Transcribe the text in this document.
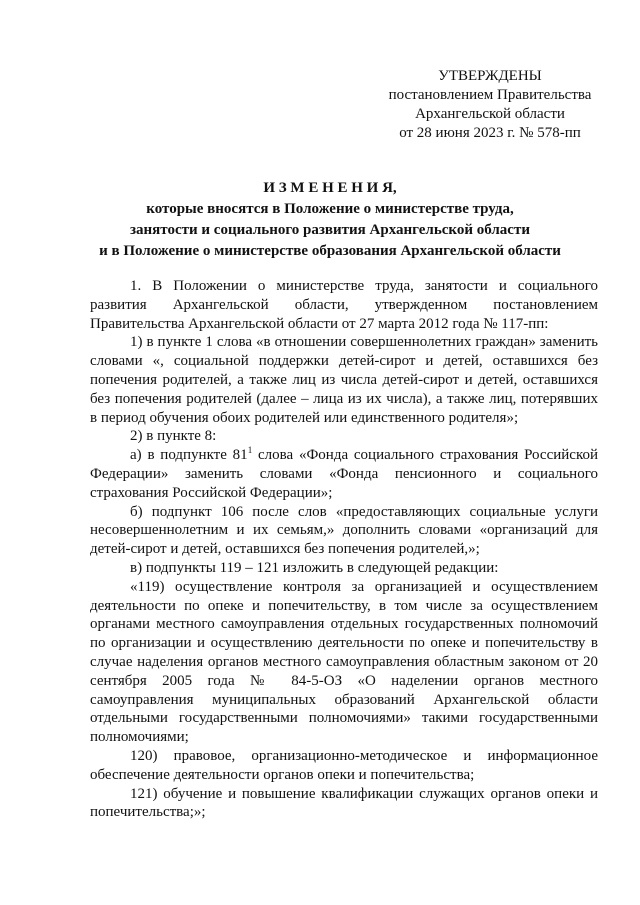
УТВЕРЖДЕНЫ
постановлением Правительства
Архангельской области
от 28 июня 2023 г. № 578-пп
И З М Е Н Е Н И Я,
которые вносятся в Положение о министерстве труда,
занятости и социального развития Архангельской области
и в Положение о министерстве образования Архангельской области

1. В Положении о министерстве труда, занятости и социального развития Архангельской области, утвержденном постановлением Правительства Архангельской области от 27 марта 2012 года № 117-пп:

1) в пункте 1 слова «в отношении совершеннолетних граждан» заменить словами «, социальной поддержки детей-сирот и детей, оставшихся без попечения родителей, а также лиц из числа детей-сирот и детей, оставшихся без попечения родителей (далее – лица из их числа), а также лиц, потерявших в период обучения обоих родителей или единственного родителя»;

2) в пункте 8:

а) в подпункте $81^1$ слова «Фонда социального страхования Российской Федерации» заменить словами «Фонда пенсионного и социального страхования Российской Федерации»;

б) подпункт 106 после слов «предоставляющих социальные услуги несовершеннолетним и их семьям,» дополнить словами «организаций для детей-сирот и детей, оставшихся без попечения родителей,»;

в) подпункты 119 – 121 изложить в следующей редакции:

«119) осуществление контроля за организацией и осуществлением деятельности по опеке и попечительству, в том числе за осуществлением органами местного самоуправления отдельных государственных полномочий по организации и осуществлению деятельности по опеке и попечительству в случае наделения органов местного самоуправления областным законом от 20 сентября 2005 года № 84-5-ОЗ «О наделении органов местного самоуправления муниципальных образований Архангельской области отдельными государственными полномочиями» такими государственными полномочиями;

120) правовое, организационно-методическое и информационное обеспечение деятельности органов опеки и попечительства;

121) обучение и повышение квалификации служащих органов опеки и попечительства;»;
